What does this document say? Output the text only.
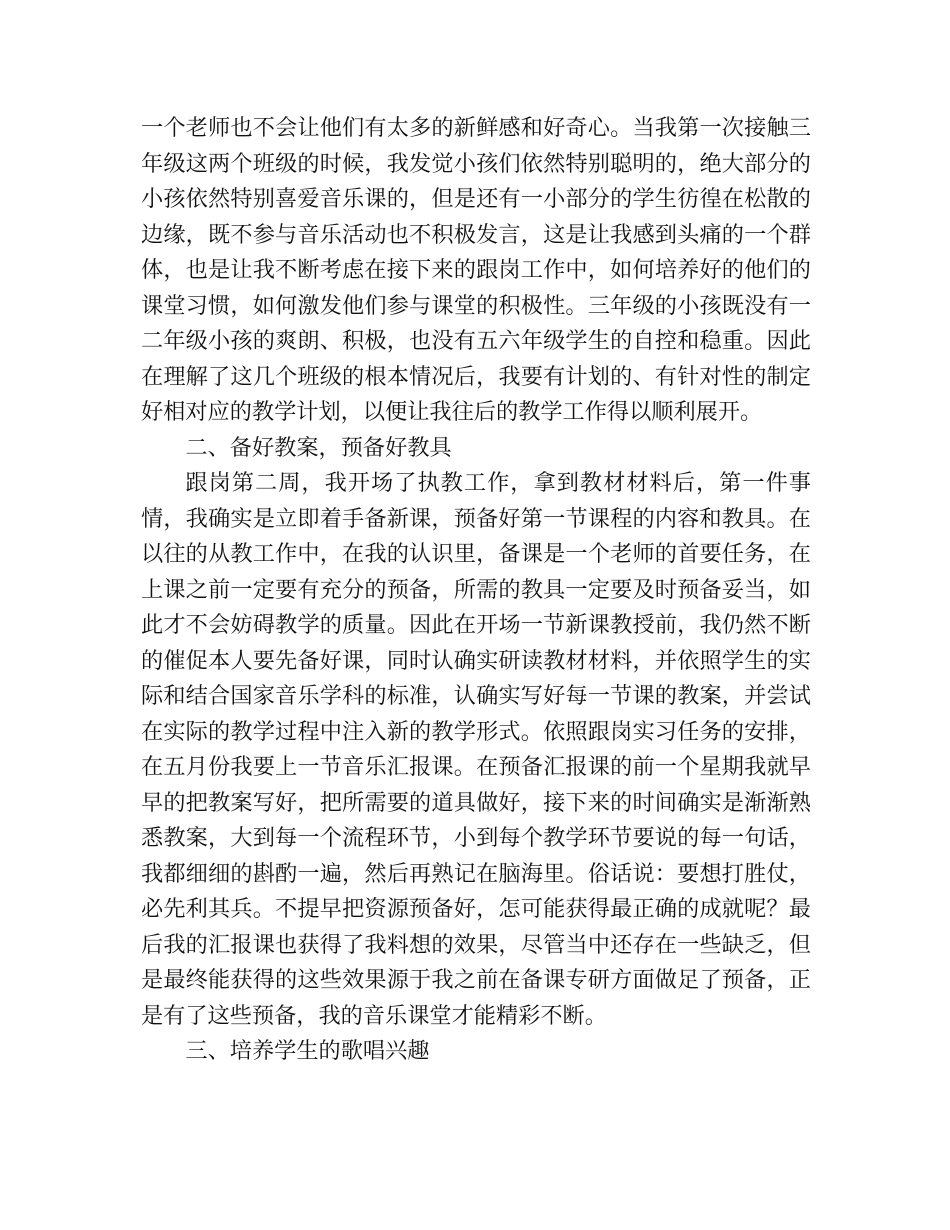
一个老师也不会让他们有太多的新鲜感和好奇心。当我第一次接触三年级这两个班级的时候，我发觉小孩们依然特别聪明的，绝大部分的小孩依然特别喜爱音乐课的，但是还有一小部分的学生彷徨在松散的边缘，既不参与音乐活动也不积极发言，这是让我感到头痛的一个群体，也是让我不断考虑在接下来的跟岗工作中，如何培养好的他们的课堂习惯，如何激发他们参与课堂的积极性。三年级的小孩既没有一二年级小孩的爽朗、积极，也没有五六年级学生的自控和稳重。因此在理解了这几个班级的根本情况后，我要有计划的、有针对性的制定好相对应的教学计划，以便让我往后的教学工作得以顺利展开。

二、备好教案，预备好教具

跟岗第二周，我开场了执教工作，拿到教材材料后，第一件事情，我确实是立即着手备新课，预备好第一节课程的内容和教具。在以往的从教工作中，在我的认识里，备课是一个老师的首要任务，在上课之前一定要有充分的预备，所需的教具一定要及时预备妥当，如此才不会妨碍教学的质量。因此在开场一节新课教授前，我仍然不断的催促本人要先备好课，同时认确实研读教材材料，并依照学生的实际和结合国家音乐学科的标准，认确实写好每一节课的教案，并尝试在实际的教学过程中注入新的教学形式。依照跟岗实习任务的安排，在五月份我要上一节音乐汇报课。在预备汇报课的前一个星期我就早早的把教案写好，把所需要的道具做好，接下来的时间确实是渐渐熟悉教案，大到每一个流程环节，小到每个教学环节要说的每一句话，我都细细的斟酌一遍，然后再熟记在脑海里。俗话说：要想打胜仗，必先利其兵。不提早把资源预备好，怎可能获得最正确的成就呢？最后我的汇报课也获得了我料想的效果，尽管当中还存在一些缺乏，但是最终能获得的这些效果源于我之前在备课专研方面做足了预备，正是有了这些预备，我的音乐课堂才能精彩不断。

三、培养学生的歌唱兴趣
